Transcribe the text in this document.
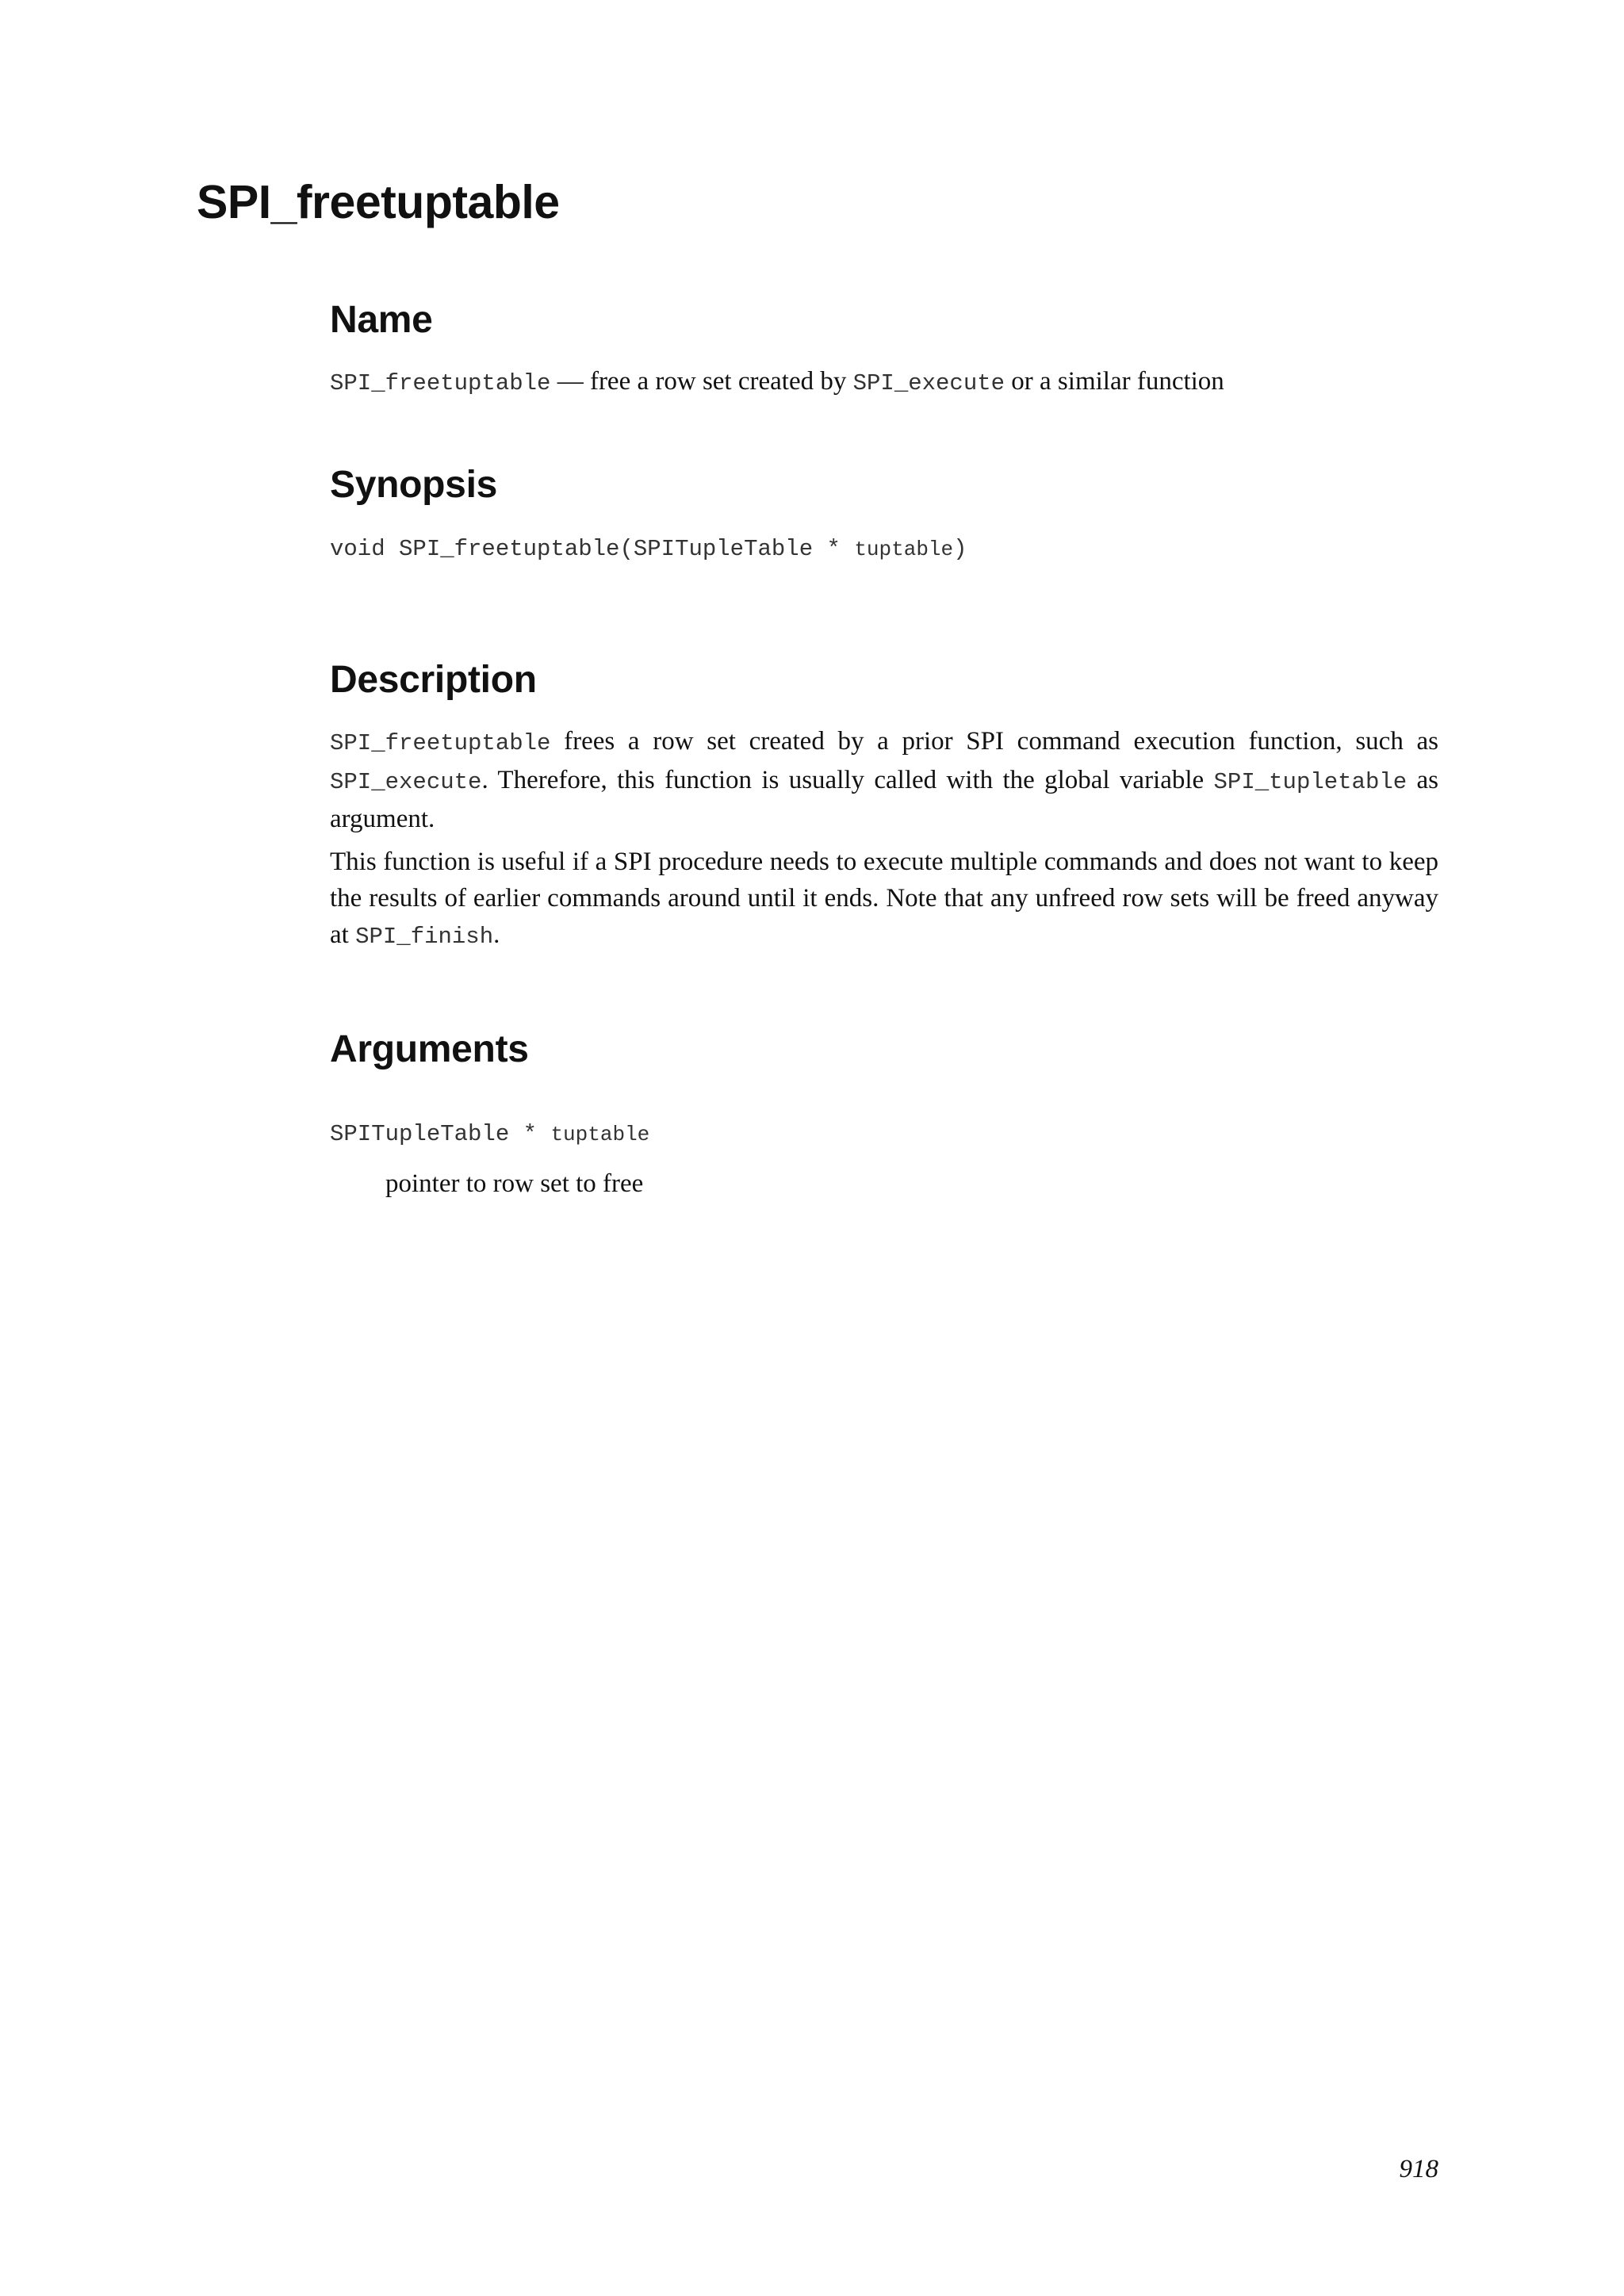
SPI_freetuptable
Name

SPI_freetuptable — free a row set created by SPI_execute or a similar function

Synopsis
void SPI_freetuptable(SPITupleTable * tuptable)
Description

SPI_freetuptable frees a row set created by a prior SPI command execution function, such as SPI_execute. Therefore, this function is usually called with the global variable SPI_tupletable as argument.

This function is useful if a SPI procedure needs to execute multiple commands and does not want to keep the results of earlier commands around until it ends. Note that any unfreed row sets will be freed anyway at SPI_finish.

Arguments
SPITupleTable * tuptable
pointer to row set to free
918
